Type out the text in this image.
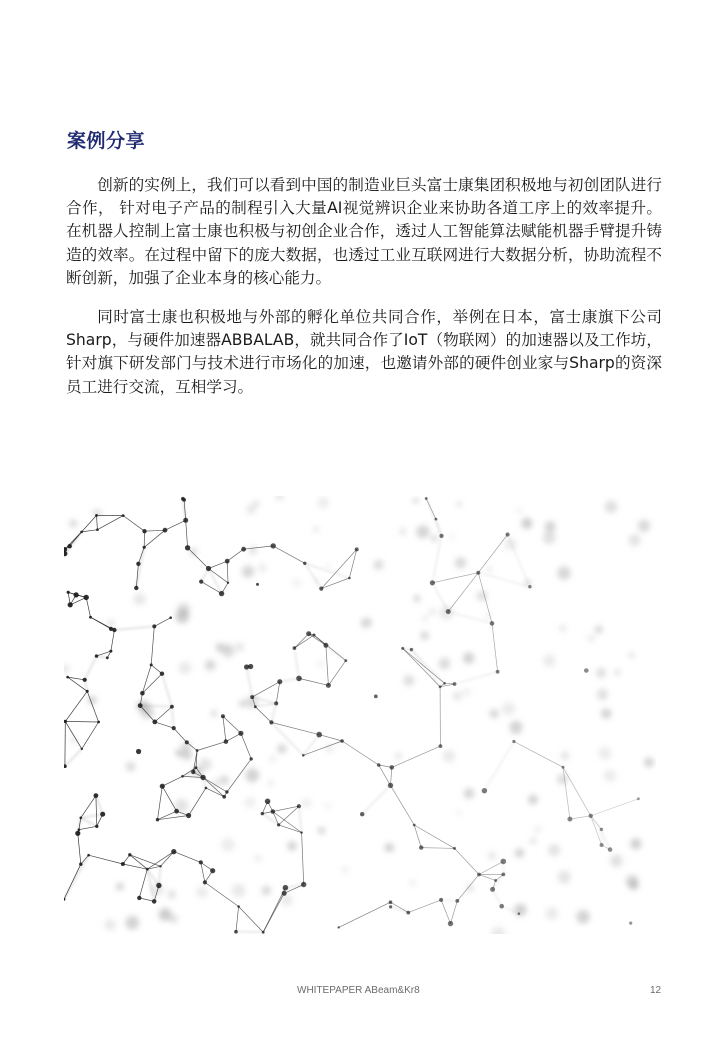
案例分享

创新的实例上，我们可以看到中国的制造业巨头富士康集团积极地与初创团队进行合作， 针对电子产品的制程引入大量AI视觉辨识企业来协助各道工序上的效率提升。在机器人控制上富士康也积极与初创企业合作，透过人工智能算法赋能机器手臂提升铸造的效率。在过程中留下的庞大数据，也透过工业互联网进行大数据分析，协助流程不断创新，加强了企业本身的核心能力。

同时富士康也积极地与外部的孵化单位共同合作，举例在日本，富士康旗下公司Sharp，与硬件加速器ABBALAB，就共同合作了IoT（物联网）的加速器以及工作坊，针对旗下研发部门与技术进行市场化的加速，也邀请外部的硬件创业家与Sharp的资深员工进行交流，互相学习。

WHITEPAPER ABeam&Kr8	12
